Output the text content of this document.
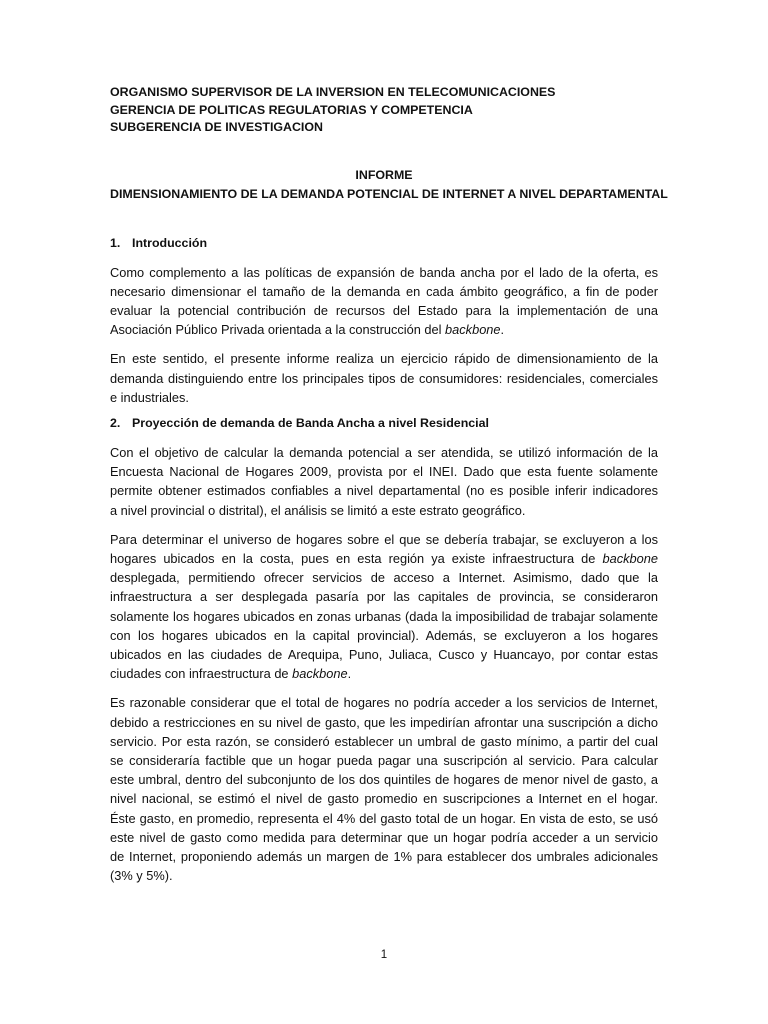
ORGANISMO SUPERVISOR DE LA INVERSION EN TELECOMUNICACIONES
GERENCIA DE POLITICAS REGULATORIAS Y COMPETENCIA
SUBGERENCIA DE INVESTIGACION
INFORME
DIMENSIONAMIENTO DE LA DEMANDA POTENCIAL DE INTERNET A NIVEL DEPARTAMENTAL
1. Introducción

Como complemento a las políticas de expansión de banda ancha por el lado de la oferta, es
necesario dimensionar el tamaño de la demanda en cada ámbito geográfico, a fin de poder
evaluar la potencial contribución de recursos del Estado para la implementación de una
Asociación Público Privada orientada a la construcción del backbone.

En este sentido, el presente informe realiza un ejercicio rápido de dimensionamiento de la
demanda distinguiendo entre los principales tipos de consumidores: residenciales, comerciales
e industriales.

2. Proyección de demanda de Banda Ancha a nivel Residencial

Con el objetivo de calcular la demanda potencial a ser atendida, se utilizó información de la
Encuesta Nacional de Hogares 2009, provista por el INEI. Dado que esta fuente solamente
permite obtener estimados confiables a nivel departamental (no es posible inferir indicadores
a nivel provincial o distrital), el análisis se limitó a este estrato geográfico.

Para determinar el universo de hogares sobre el que se debería trabajar, se excluyeron a los
hogares ubicados en la costa, pues en esta región ya existe infraestructura de backbone
desplegada, permitiendo ofrecer servicios de acceso a Internet. Asimismo, dado que la
infraestructura a ser desplegada pasaría por las capitales de provincia, se consideraron
solamente los hogares ubicados en zonas urbanas (dada la imposibilidad de trabajar solamente
con los hogares ubicados en la capital provincial). Además, se excluyeron a los hogares
ubicados en las ciudades de Arequipa, Puno, Juliaca, Cusco y Huancayo, por contar estas
ciudades con infraestructura de backbone.

Es razonable considerar que el total de hogares no podría acceder a los servicios de Internet,
debido a restricciones en su nivel de gasto, que les impedirían afrontar una suscripción a dicho
servicio. Por esta razón, se consideró establecer un umbral de gasto mínimo, a partir del cual
se consideraría factible que un hogar pueda pagar una suscripción al servicio. Para calcular
este umbral, dentro del subconjunto de los dos quintiles de hogares de menor nivel de gasto, a
nivel nacional, se estimó el nivel de gasto promedio en suscripciones a Internet en el hogar.
Éste gasto, en promedio, representa el 4% del gasto total de un hogar. En vista de esto, se usó
este nivel de gasto como medida para determinar que un hogar podría acceder a un servicio
de Internet, proponiendo además un margen de 1% para establecer dos umbrales adicionales
(3% y 5%).

1
